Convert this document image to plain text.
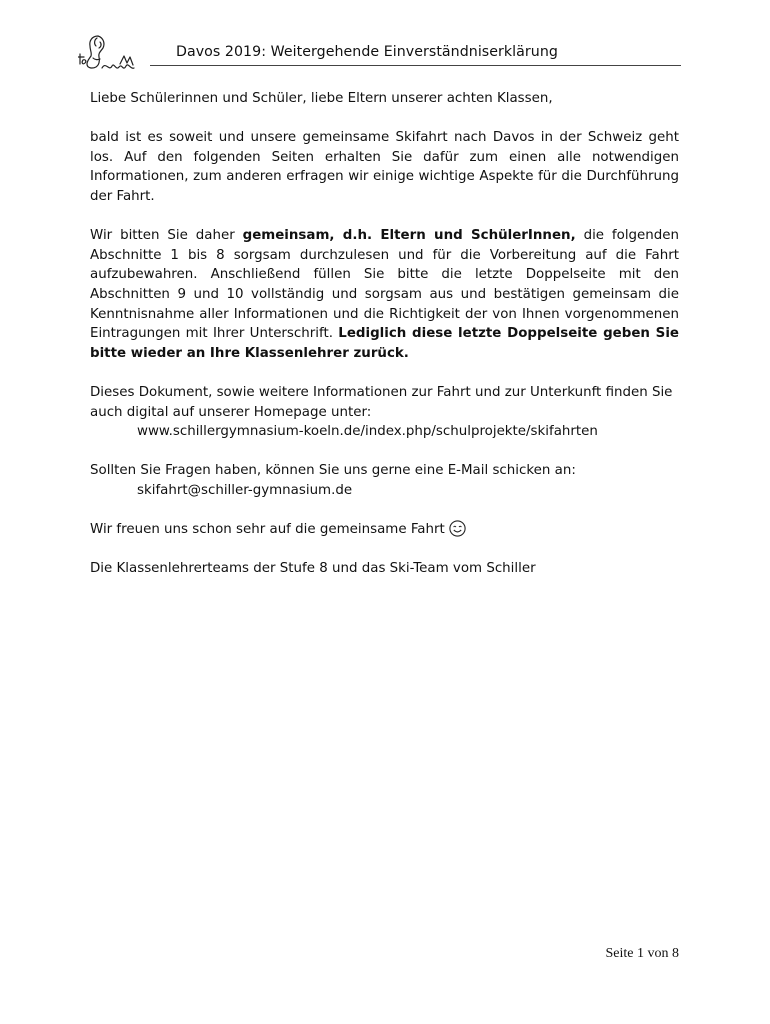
Davos 2019: Weitergehende Einverständniserklärung

Liebe Schülerinnen und Schüler, liebe Eltern unserer achten Klassen,

bald ist es soweit und unsere gemeinsame Skifahrt nach Davos in der Schweiz geht los. Auf den folgenden Seiten erhalten Sie dafür zum einen alle notwendigen Informationen, zum anderen erfragen wir einige wichtige Aspekte für die Durchführung der Fahrt.

Wir bitten Sie daher gemeinsam, d.h. Eltern und SchülerInnen, die folgenden Abschnitte 1 bis 8 sorgsam durchzulesen und für die Vorbereitung auf die Fahrt aufzubewahren. Anschließend füllen Sie bitte die letzte Doppelseite mit den Abschnitten 9 und 10 vollständig und sorgsam aus und bestätigen gemeinsam die Kenntnisnahme aller Informationen und die Richtigkeit der von Ihnen vorgenommenen Eintragungen mit Ihrer Unterschrift. Lediglich diese letzte Doppelseite geben Sie bitte wieder an Ihre Klassenlehrer zurück.

Dieses Dokument, sowie weitere Informationen zur Fahrt und zur Unterkunft finden Sie auch digital auf unserer Homepage unter:

www.schillergymnasium-koeln.de/index.php/schulprojekte/skifahrten

Sollten Sie Fragen haben, können Sie uns gerne eine E-Mail schicken an:

skifahrt@schiller-gymnasium.de

Wir freuen uns schon sehr auf die gemeinsame Fahrt

Die Klassenlehrerteams der Stufe 8 und das Ski-Team vom Schiller

Seite 1 von 8
